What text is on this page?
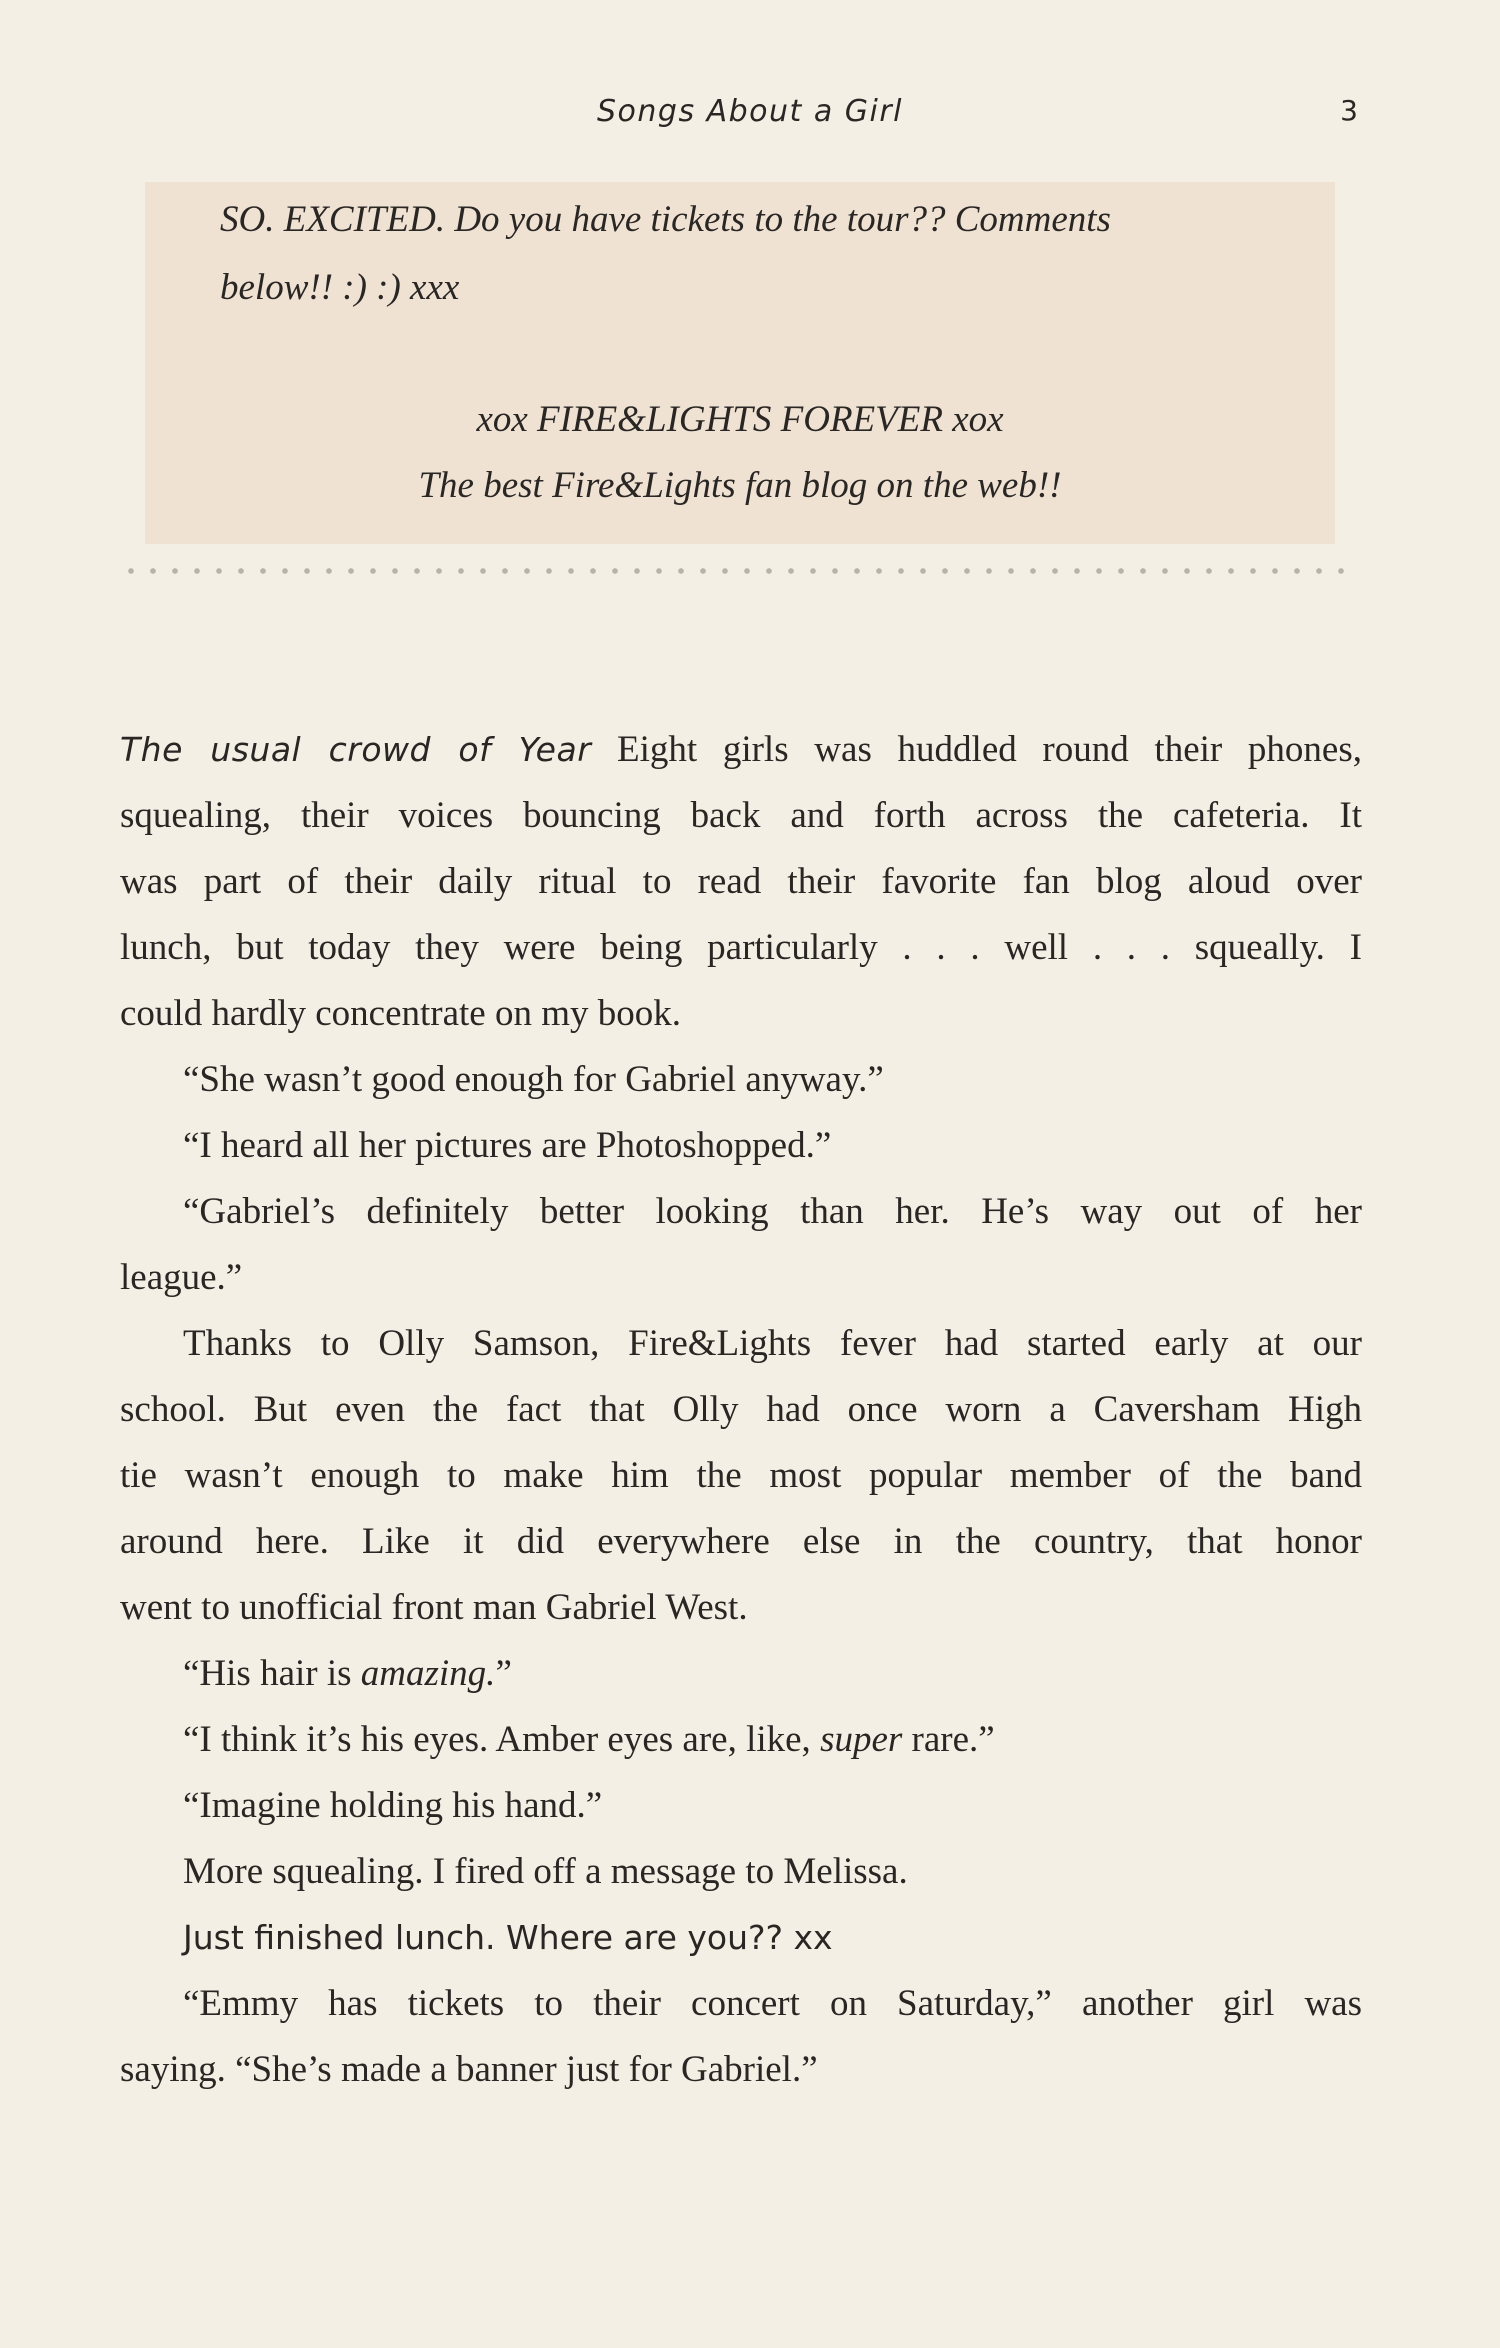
Songs About a Girl	3
SO. EXCITED. Do you have tickets to the tour?? Comments
below!! :) :) xxx
xox FIRE&LIGHTS FOREVER xox
The best Fire&Lights fan blog on the web!!
The usual crowd of Year Eight girls was huddled round their phones,
squealing, their voices bouncing back and forth across the cafeteria. It
was part of their daily ritual to read their favorite fan blog aloud over
lunch, but today they were being particularly . . . well . . . squeally. I
could hardly concentrate on my book.
“She wasn’t good enough for Gabriel anyway.”
“I heard all her pictures are Photoshopped.”
“Gabriel’s definitely better looking than her. He’s way out of her
league.”
Thanks to Olly Samson, Fire&Lights fever had started early at our
school. But even the fact that Olly had once worn a Caversham High
tie wasn’t enough to make him the most popular member of the band
around here. Like it did everywhere else in the country, that honor
went to unofficial front man Gabriel West.
“His hair is amazing.”
“I think it’s his eyes. Amber eyes are, like, super rare.”
“Imagine holding his hand.”
More squealing. I fired off a message to Melissa.
Just finished lunch. Where are you?? xx
“Emmy has tickets to their concert on Saturday,” another girl was
saying. “She’s made a banner just for Gabriel.”
